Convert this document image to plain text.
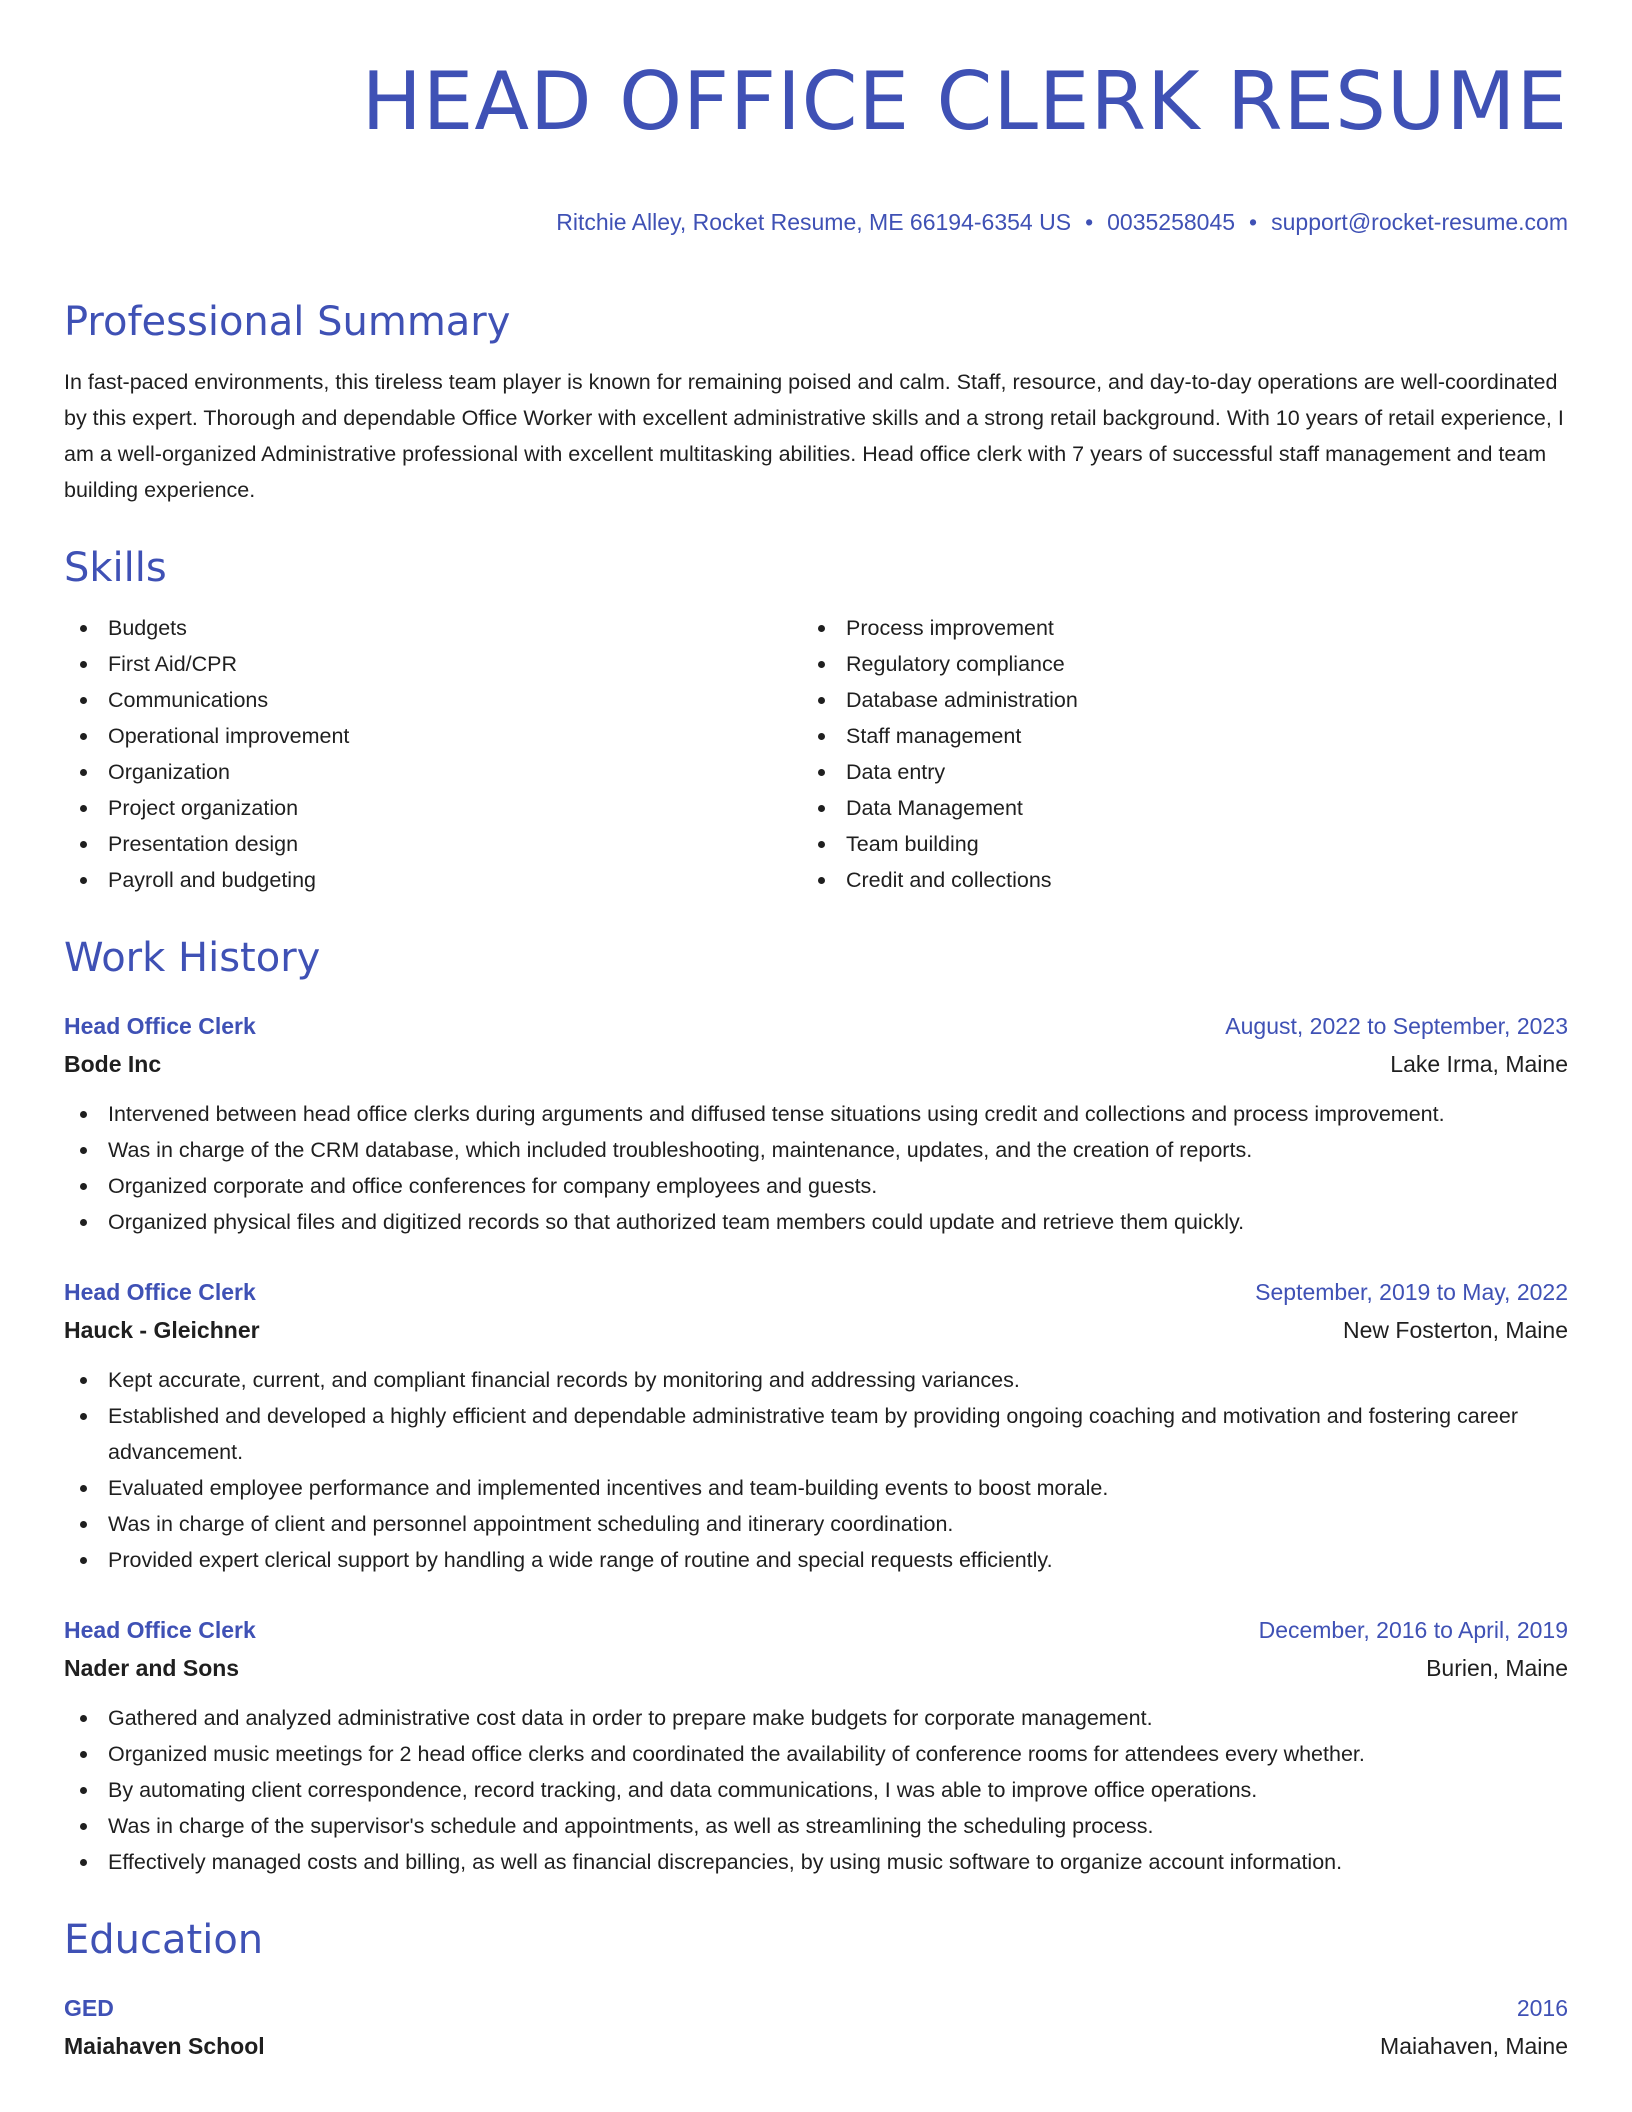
HEAD OFFICE CLERK RESUME
Ritchie Alley, Rocket Resume, ME 66194-6354 US • 0035258045 • support@rocket-resume.com
Professional Summary

In fast-paced environments, this tireless team player is known for remaining poised and calm. Staff, resource, and day-to-day operations are well-coordinated by this expert. Thorough and dependable Office Worker with excellent administrative skills and a strong retail background. With 10 years of retail experience, I am a well-organized Administrative professional with excellent multitasking abilities. Head office clerk with 7 years of successful staff management and team building experience.

Skills
Budgets
First Aid/CPR
Communications
Operational improvement
Organization
Project organization
Presentation design
Payroll and budgeting
Process improvement
Regulatory compliance
Database administration
Staff management
Data entry
Data Management
Team building
Credit and collections
Work History
Head Office Clerk	August, 2022 to September, 2023
Bode Inc	Lake Irma, Maine
Intervened between head office clerks during arguments and diffused tense situations using credit and collections and process improvement.
Was in charge of the CRM database, which included troubleshooting, maintenance, updates, and the creation of reports.
Organized corporate and office conferences for company employees and guests.
Organized physical files and digitized records so that authorized team members could update and retrieve them quickly.
Head Office Clerk	September, 2019 to May, 2022
Hauck - Gleichner	New Fosterton, Maine
Kept accurate, current, and compliant financial records by monitoring and addressing variances.
Established and developed a highly efficient and dependable administrative team by providing ongoing coaching and motivation and fostering career advancement.
Evaluated employee performance and implemented incentives and team-building events to boost morale.
Was in charge of client and personnel appointment scheduling and itinerary coordination.
Provided expert clerical support by handling a wide range of routine and special requests efficiently.
Head Office Clerk	December, 2016 to April, 2019
Nader and Sons	Burien, Maine
Gathered and analyzed administrative cost data in order to prepare make budgets for corporate management.
Organized music meetings for 2 head office clerks and coordinated the availability of conference rooms for attendees every whether.
By automating client correspondence, record tracking, and data communications, I was able to improve office operations.
Was in charge of the supervisor's schedule and appointments, as well as streamlining the scheduling process.
Effectively managed costs and billing, as well as financial discrepancies, by using music software to organize account information.
Education
GED	2016
Maiahaven School	Maiahaven, Maine
